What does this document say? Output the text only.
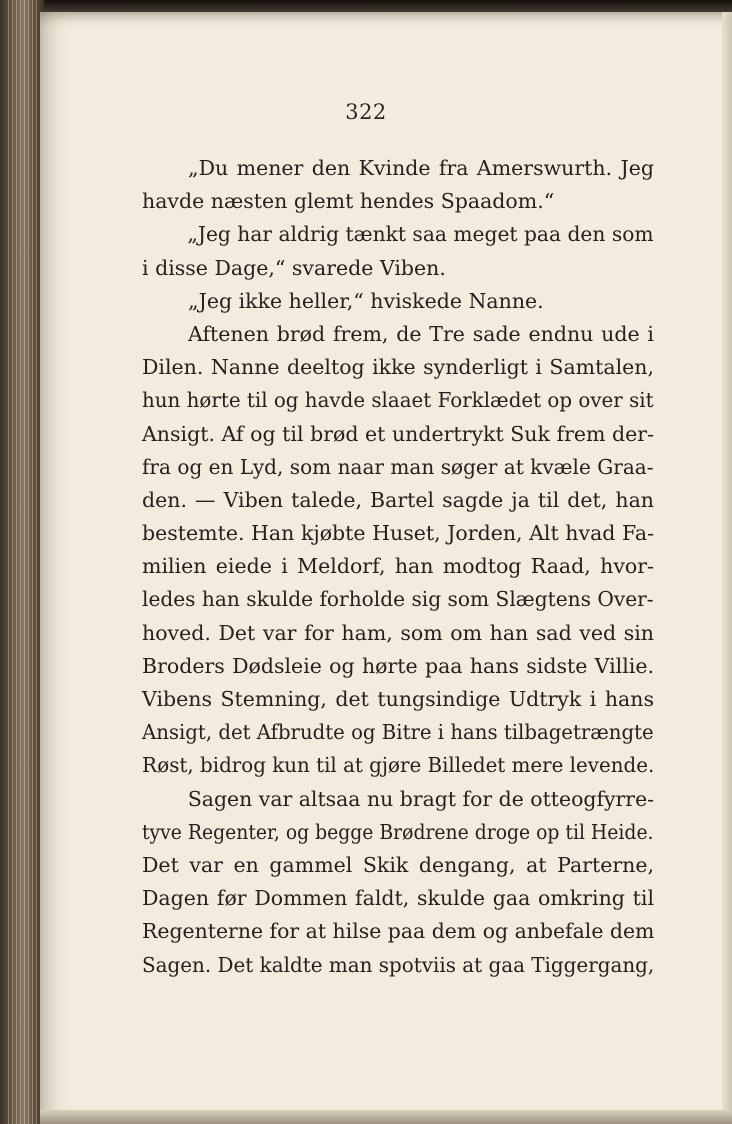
322
„Du mener den Kvinde fra Amerswurth. Jeg
havde næsten glemt hendes Spaadom.“
„Jeg har aldrig tænkt saa meget paa den som
i disse Dage,“ svarede Viben.
„Jeg ikke heller,“ hviskede Nanne.
Aftenen brød frem, de Tre sade endnu ude i
Dilen. Nanne deeltog ikke synderligt i Samtalen,
hun hørte til og havde slaaet Forklædet op over sit
Ansigt. Af og til brød et undertrykt Suk frem der-
fra og en Lyd, som naar man søger at kvæle Graa-
den. — Viben talede, Bartel sagde ja til det, han
bestemte. Han kjøbte Huset, Jorden, Alt hvad Fa-
milien eiede i Meldorf, han modtog Raad, hvor-
ledes han skulde forholde sig som Slægtens Over-
hoved. Det var for ham, som om han sad ved sin
Broders Dødsleie og hørte paa hans sidste Villie.
Vibens Stemning, det tungsindige Udtryk i hans
Ansigt, det Afbrudte og Bitre i hans tilbagetrængte
Røst, bidrog kun til at gjøre Billedet mere levende.
Sagen var altsaa nu bragt for de otteogfyrre-
tyve Regenter, og begge Brødrene droge op til Heide.
Det var en gammel Skik dengang, at Parterne,
Dagen før Dommen faldt, skulde gaa omkring til
Regenterne for at hilse paa dem og anbefale dem
Sagen. Det kaldte man spotviis at gaa Tiggergang,
